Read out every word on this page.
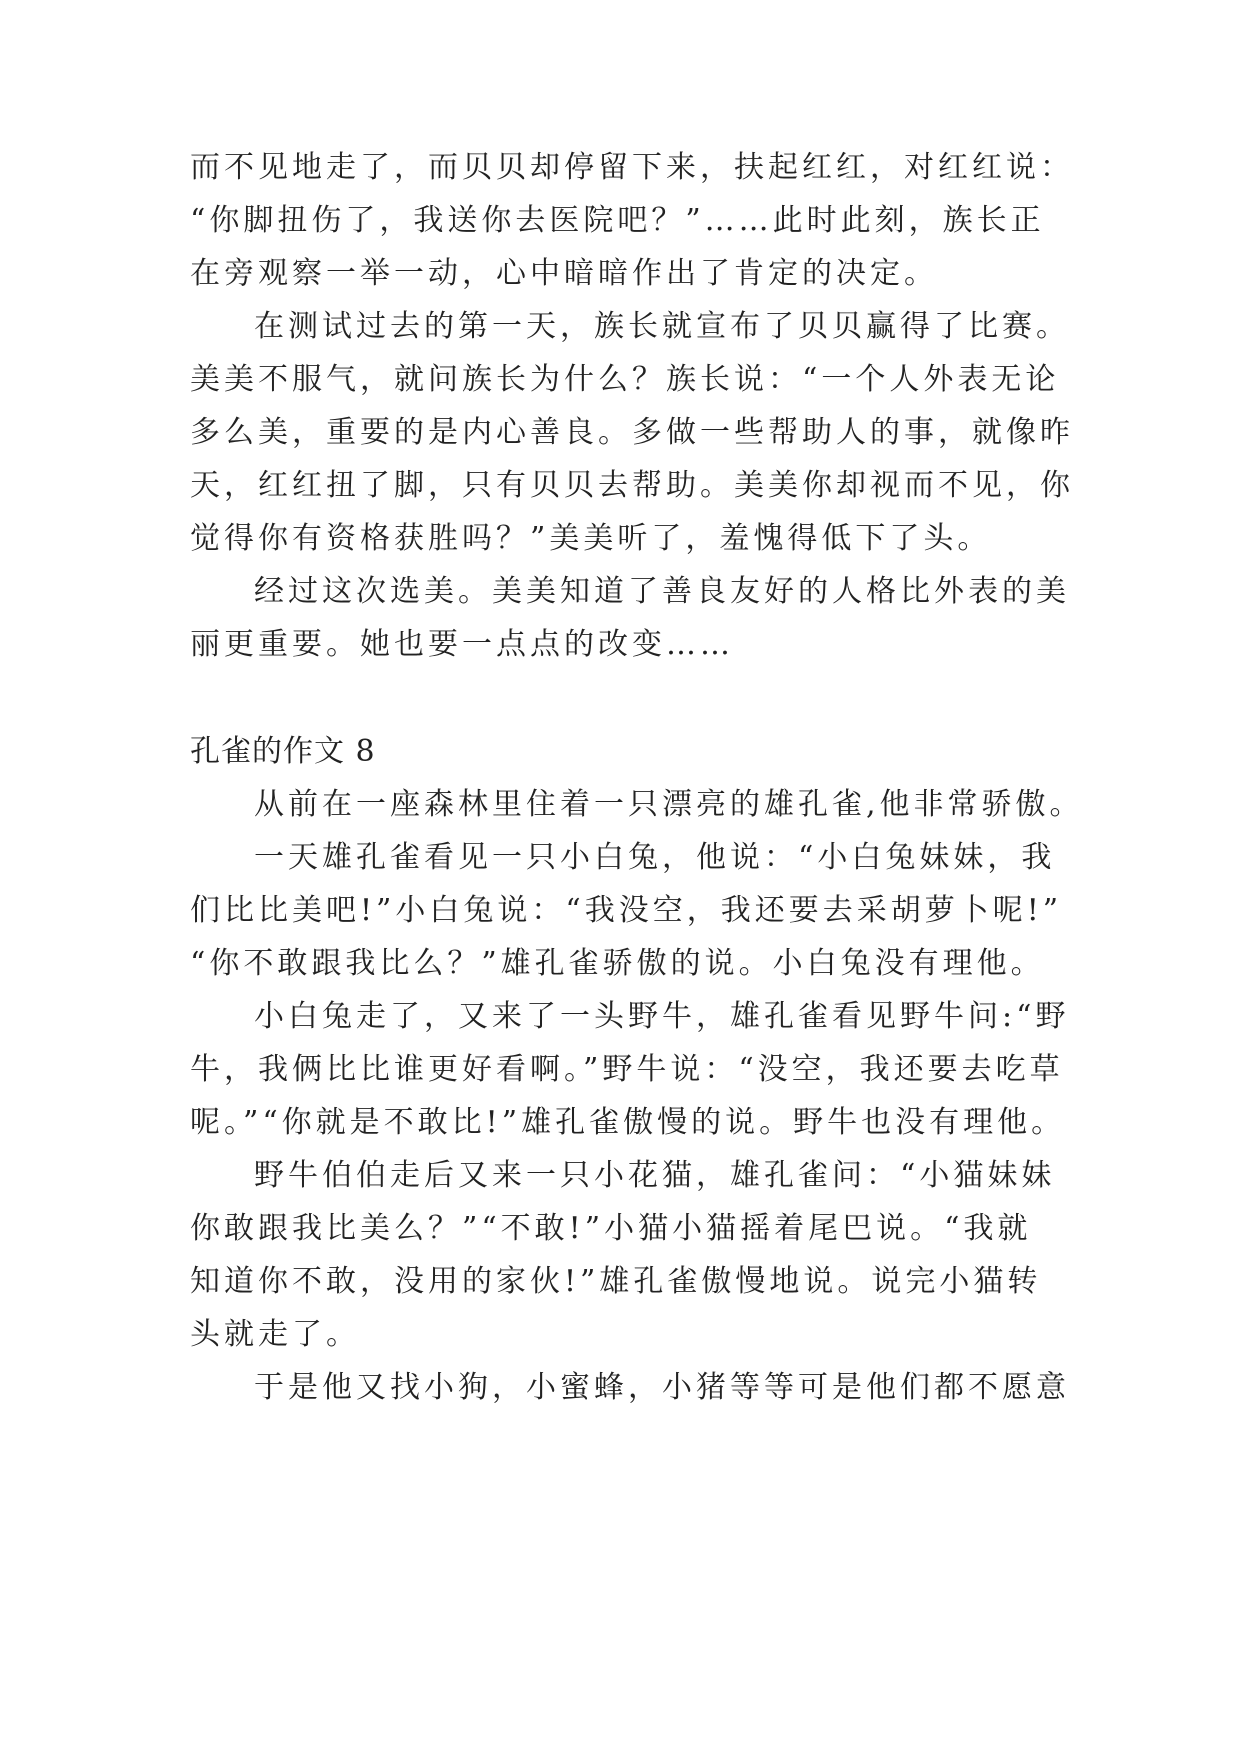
而不见地走了，而贝贝却停留下来，扶起红红，对红红说：
“你脚扭伤了，我送你去医院吧？”……此时此刻，族长正
在旁观察一举一动，心中暗暗作出了肯定的决定。
在测试过去的第一天，族长就宣布了贝贝赢得了比赛。
美美不服气，就问族长为什么？族长说：“一个人外表无论
多么美，重要的是内心善良。多做一些帮助人的事，就像昨
天，红红扭了脚，只有贝贝去帮助。美美你却视而不见，你
觉得你有资格获胜吗？”美美听了，羞愧得低下了头。
经过这次选美。美美知道了善良友好的人格比外表的美
丽更重要。她也要一点点的改变……
孔雀的作文 8
从前在一座森林里住着一只漂亮的雄孔雀,他非常骄傲。
一天雄孔雀看见一只小白兔，他说：“小白兔妹妹，我
们比比美吧!”小白兔说：“我没空，我还要去采胡萝卜呢!”
“你不敢跟我比么？”雄孔雀骄傲的说。小白兔没有理他。
小白兔走了，又来了一头野牛，雄孔雀看见野牛问:“野
牛，我俩比比谁更好看啊。”野牛说：“没空，我还要去吃草
呢。”“你就是不敢比!”雄孔雀傲慢的说。野牛也没有理他。
野牛伯伯走后又来一只小花猫，雄孔雀问：“小猫妹妹
你敢跟我比美么？”“不敢!”小猫小猫摇着尾巴说。“我就
知道你不敢，没用的家伙!”雄孔雀傲慢地说。说完小猫转
头就走了。
于是他又找小狗，小蜜蜂，小猪等等可是他们都不愿意
